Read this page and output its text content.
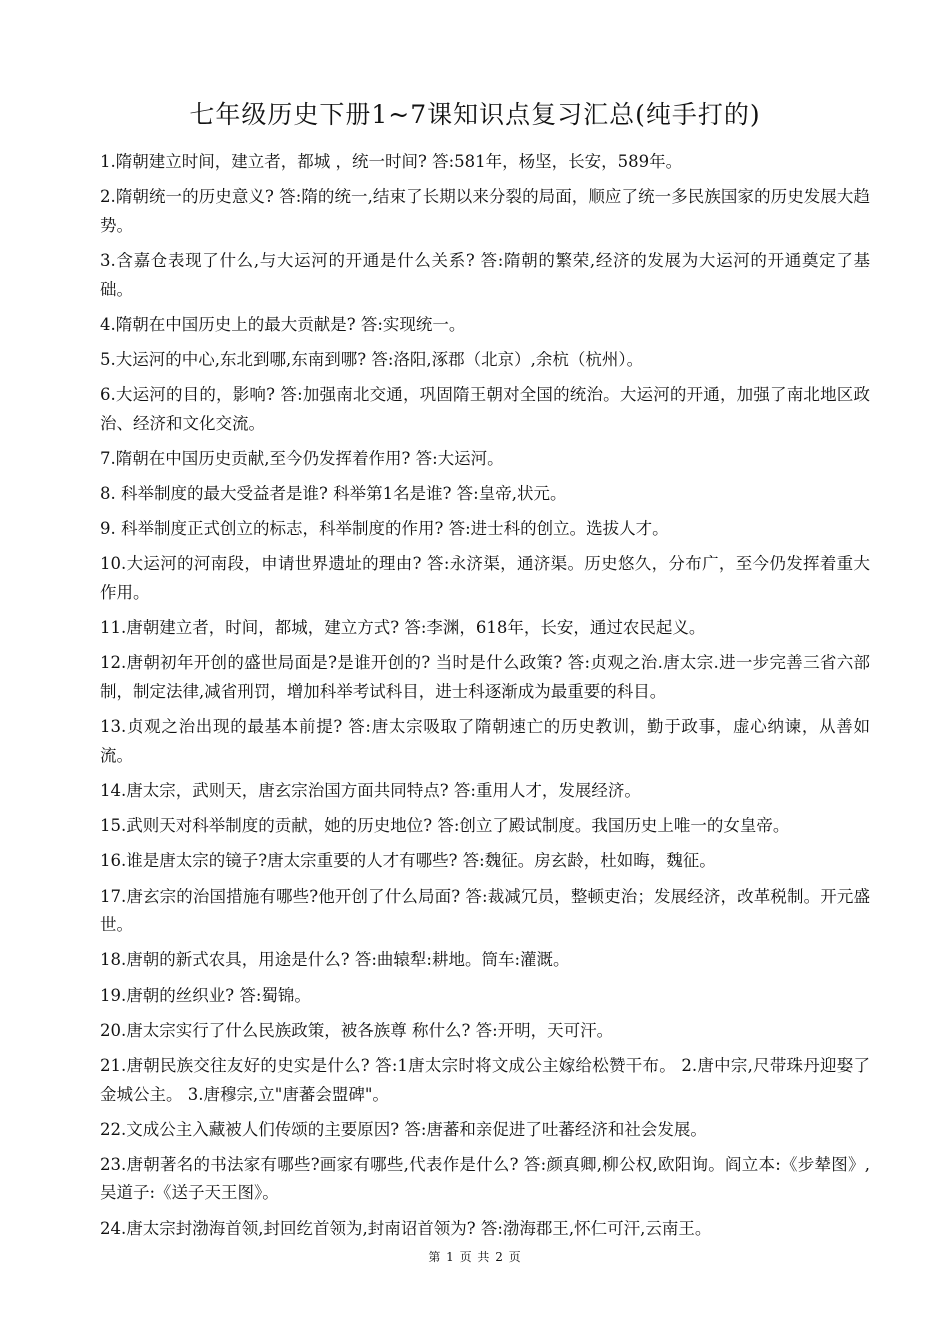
七年级历史下册1~7课知识点复习汇总(纯手打的)

1.隋朝建立时间，建立者，都城 ，统一时间? 答:581年，杨坚，长安，589年。

2.隋朝统一的历史意义? 答:隋的统一,结束了长期以来分裂的局面，顺应了统一多民族国家的历史发展大趋势。

3.含嘉仓表现了什么,与大运河的开通是什么关系? 答:隋朝的繁荣,经济的发展为大运河的开通奠定了基础。

4.隋朝在中国历史上的最大贡献是? 答:实现统一。

5.大运河的中心,东北到哪,东南到哪? 答:洛阳,涿郡（北京）,余杭（杭州）。

6.大运河的目的，影响? 答:加强南北交通，巩固隋王朝对全国的统治。大运河的开通，加强了南北地区政治、经济和文化交流。

7.隋朝在中国历史贡献,至今仍发挥着作用? 答:大运河。

8. 科举制度的最大受益者是谁? 科举第1名是谁? 答:皇帝,状元。

9. 科举制度正式创立的标志，科举制度的作用? 答:进士科的创立。选拔人才。

10.大运河的河南段，申请世界遗址的理由? 答:永济渠，通济渠。历史悠久，分布广，至今仍发挥着重大作用。

11.唐朝建立者，时间，都城，建立方式? 答:李渊，618年，长安，通过农民起义。

12.唐朝初年开创的盛世局面是?是谁开创的? 当时是什么政策? 答:贞观之治.唐太宗.进一步完善三省六部制，制定法律,减省刑罚，增加科举考试科目，进士科逐渐成为最重要的科目。

13.贞观之治出现的最基本前提? 答:唐太宗吸取了隋朝速亡的历史教训，勤于政事，虚心纳谏，从善如流。

14.唐太宗，武则天，唐玄宗治国方面共同特点? 答:重用人才，发展经济。

15.武则天对科举制度的贡献，她的历史地位? 答:创立了殿试制度。我国历史上唯一的女皇帝。

16.谁是唐太宗的镜子?唐太宗重要的人才有哪些? 答:魏征。房玄龄，杜如晦，魏征。

17.唐玄宗的治国措施有哪些?他开创了什么局面? 答:裁减冗员，整顿吏治；发展经济，改革税制。开元盛世。

18.唐朝的新式农具，用途是什么? 答:曲辕犁:耕地。筒车:灌溉。

19.唐朝的丝织业? 答:蜀锦。

20.唐太宗实行了什么民族政策，被各族尊 称什么? 答:开明，天可汗。

21.唐朝民族交往友好的史实是什么? 答:1唐太宗时将文成公主嫁给松赞干布。 2.唐中宗,尺带珠丹迎娶了金城公主。 3.唐穆宗,立"唐蕃会盟碑"。

22.文成公主入藏被人们传颂的主要原因? 答:唐蕃和亲促进了吐蕃经济和社会发展。

23.唐朝著名的书法家有哪些?画家有哪些,代表作是什么? 答:颜真卿,柳公权,欧阳询。阎立本:《步辇图》,吴道子:《送子天王图》。

24.唐太宗封渤海首领,封回纥首领为,封南诏首领为? 答:渤海郡王,怀仁可汗,云南王。

第 1 页 共 2 页
